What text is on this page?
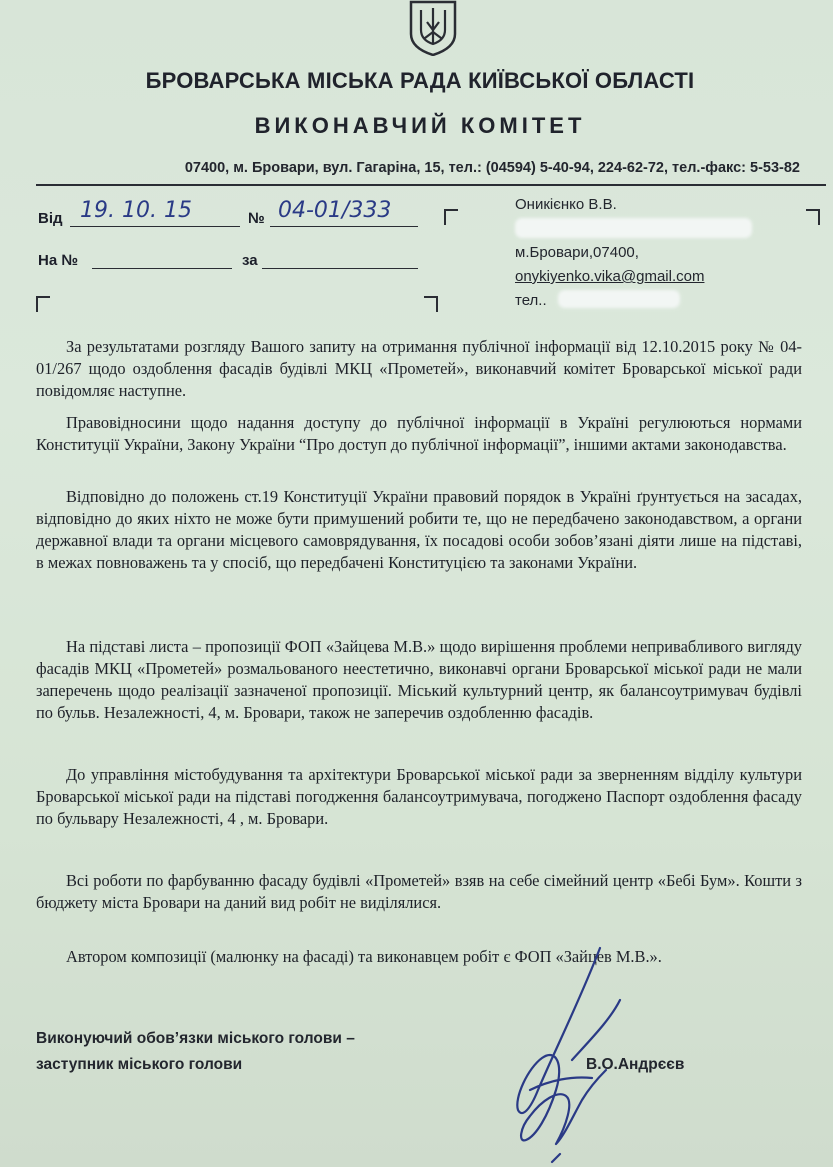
БРОВАРСЬКА МІСЬКА РАДА КИЇВСЬКОЇ ОБЛАСТІ
ВИКОНАВЧИЙ КОМІТЕТ
07400, м. Бровари, вул. Гагаріна, 15, тел.: (04594) 5-40-94, 224-62-72, тел.-факс: 5-53-82
Від 19. 10. 15	№ 04-01/333
На №	за
Оникієнко В.В.
м.Бровари,07400,
onykiyenko.vika@gmail.com
тел..

За результатами розгляду Вашого запиту на отримання публічної інформації від 12.10.2015 року № 04-01/267 щодо оздоблення фасадів будівлі МКЦ «Прометей», виконавчий комітет Броварської міської ради повідомляє наступне.

Правовідносини щодо надання доступу до публічної інформації в Україні регулюються нормами Конституції України, Закону України “Про доступ до публічної інформації”, іншими актами законодавства.

Відповідно до положень ст.19 Конституції України правовий порядок в Україні ґрунтується на засадах, відповідно до яких ніхто не може бути примушений робити те, що не передбачено законодавством, а органи державної влади та органи місцевого самоврядування, їх посадові особи зобов’язані діяти лише на підставі, в межах повноважень та у спосіб, що передбачені Конституцією та законами України.

На підставі листа – пропозиції ФОП «Зайцева М.В.» щодо вирішення проблеми непривабливого вигляду фасадів МКЦ «Прометей» розмальованого неестетично, виконавчі органи Броварської міської ради не мали заперечень щодо реалізації зазначеної пропозиції. Міський культурний центр, як балансоутримувач будівлі по бульв. Незалежності, 4, м. Бровари, також не заперечив оздобленню фасадів.

До управління містобудування та архітектури Броварської міської ради за зверненням відділу культури Броварської міської ради на підставі погодження балансоутримувача, погоджено Паспорт оздоблення фасаду по бульвару Незалежності, 4 , м. Бровари.

Всі роботи по фарбуванню фасаду будівлі «Прометей» взяв на себе сімейний центр «Бебі Бум». Кошти з бюджету міста Бровари на даний вид робіт не виділялися.

Автором композиції (малюнку на фасаді) та виконавцем робіт є ФОП «Зайцев М.В.».

Виконуючий обов’язки міського голови –
заступник міського голови	В.О.Андрєєв
